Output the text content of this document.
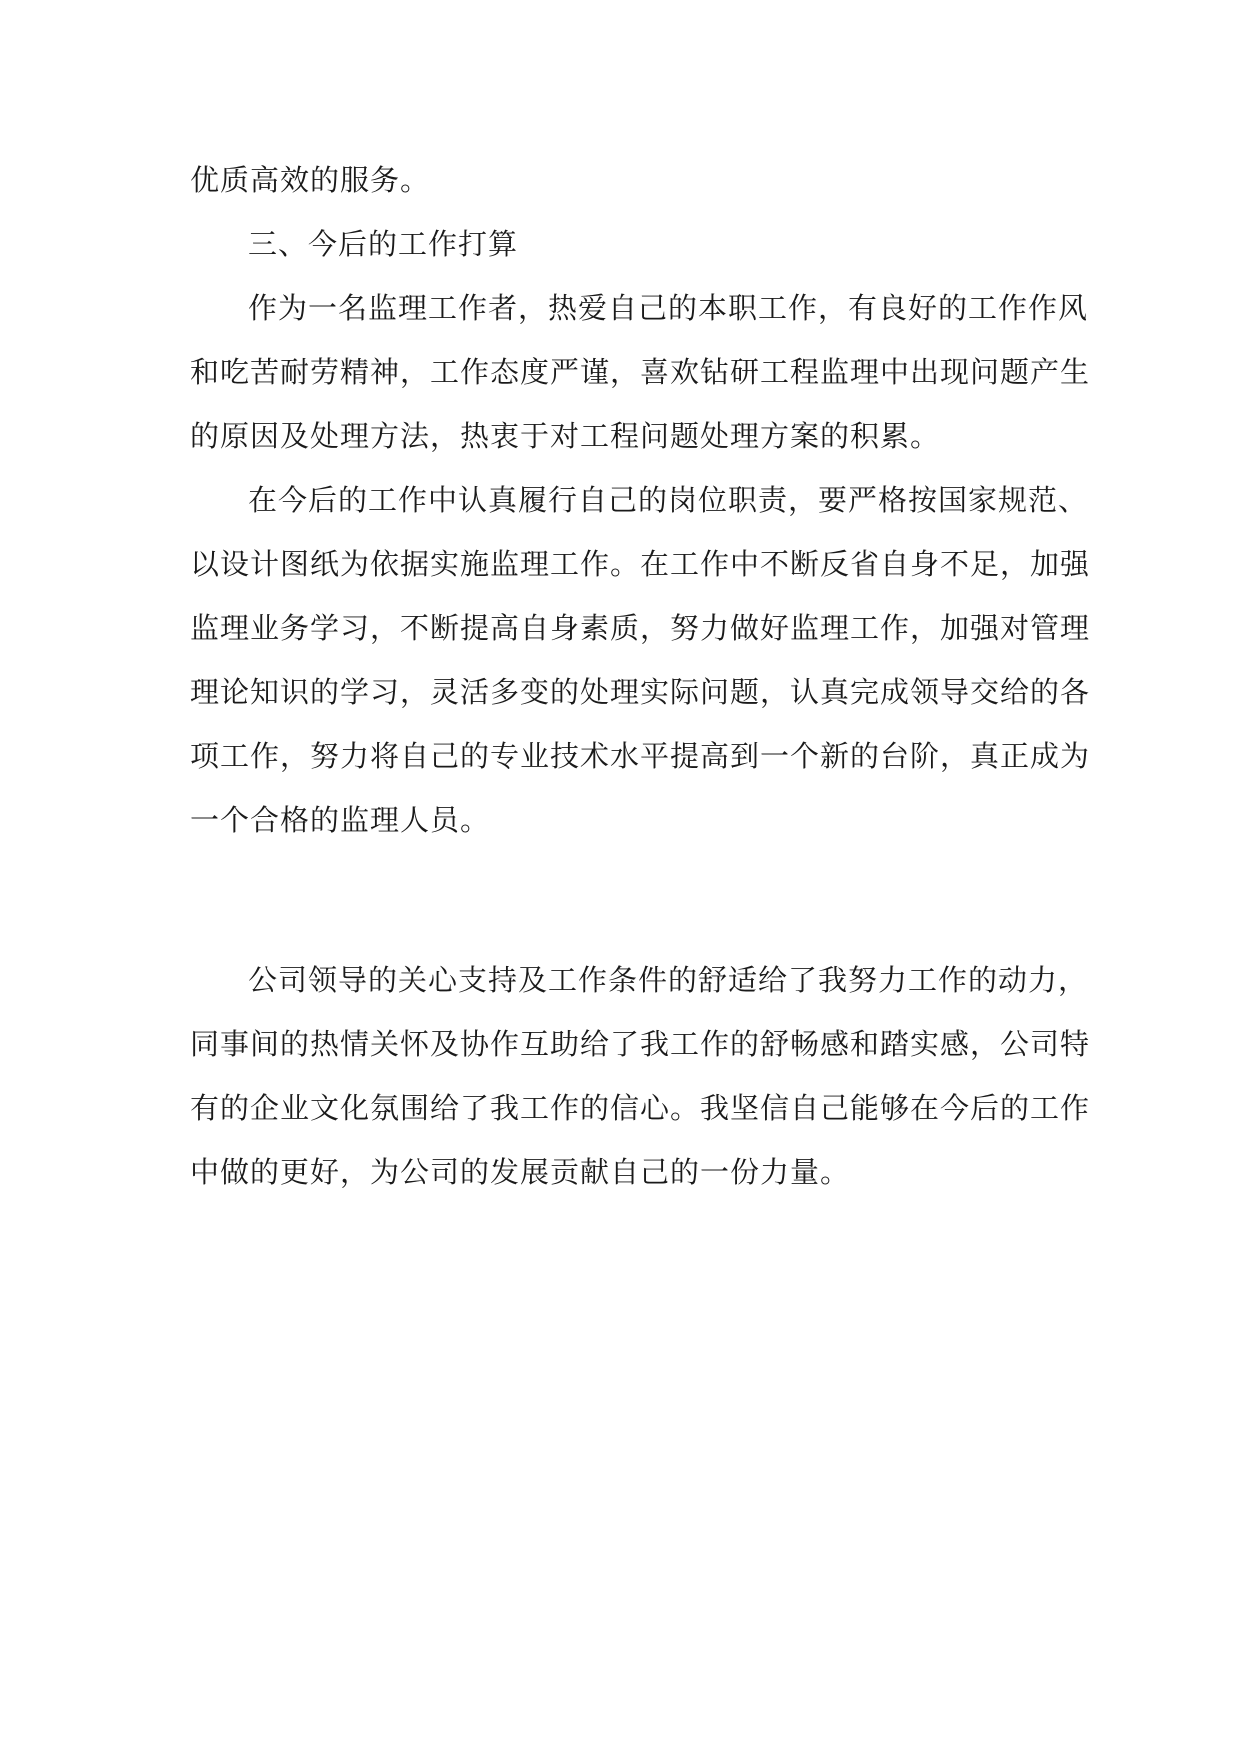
优质高效的服务。
三、今后的工作打算
作为一名监理工作者，热爱自己的本职工作，有良好的工作作风
和吃苦耐劳精神，工作态度严谨，喜欢钻研工程监理中出现问题产生
的原因及处理方法，热衷于对工程问题处理方案的积累。
在今后的工作中认真履行自己的岗位职责，要严格按国家规范、
以设计图纸为依据实施监理工作。在工作中不断反省自身不足，加强
监理业务学习，不断提高自身素质，努力做好监理工作，加强对管理
理论知识的学习，灵活多变的处理实际问题，认真完成领导交给的各
项工作，努力将自己的专业技术水平提高到一个新的台阶，真正成为
一个合格的监理人员。
公司领导的关心支持及工作条件的舒适给了我努力工作的动力，
同事间的热情关怀及协作互助给了我工作的舒畅感和踏实感，公司特
有的企业文化氛围给了我工作的信心。我坚信自己能够在今后的工作
中做的更好，为公司的发展贡献自己的一份力量。
